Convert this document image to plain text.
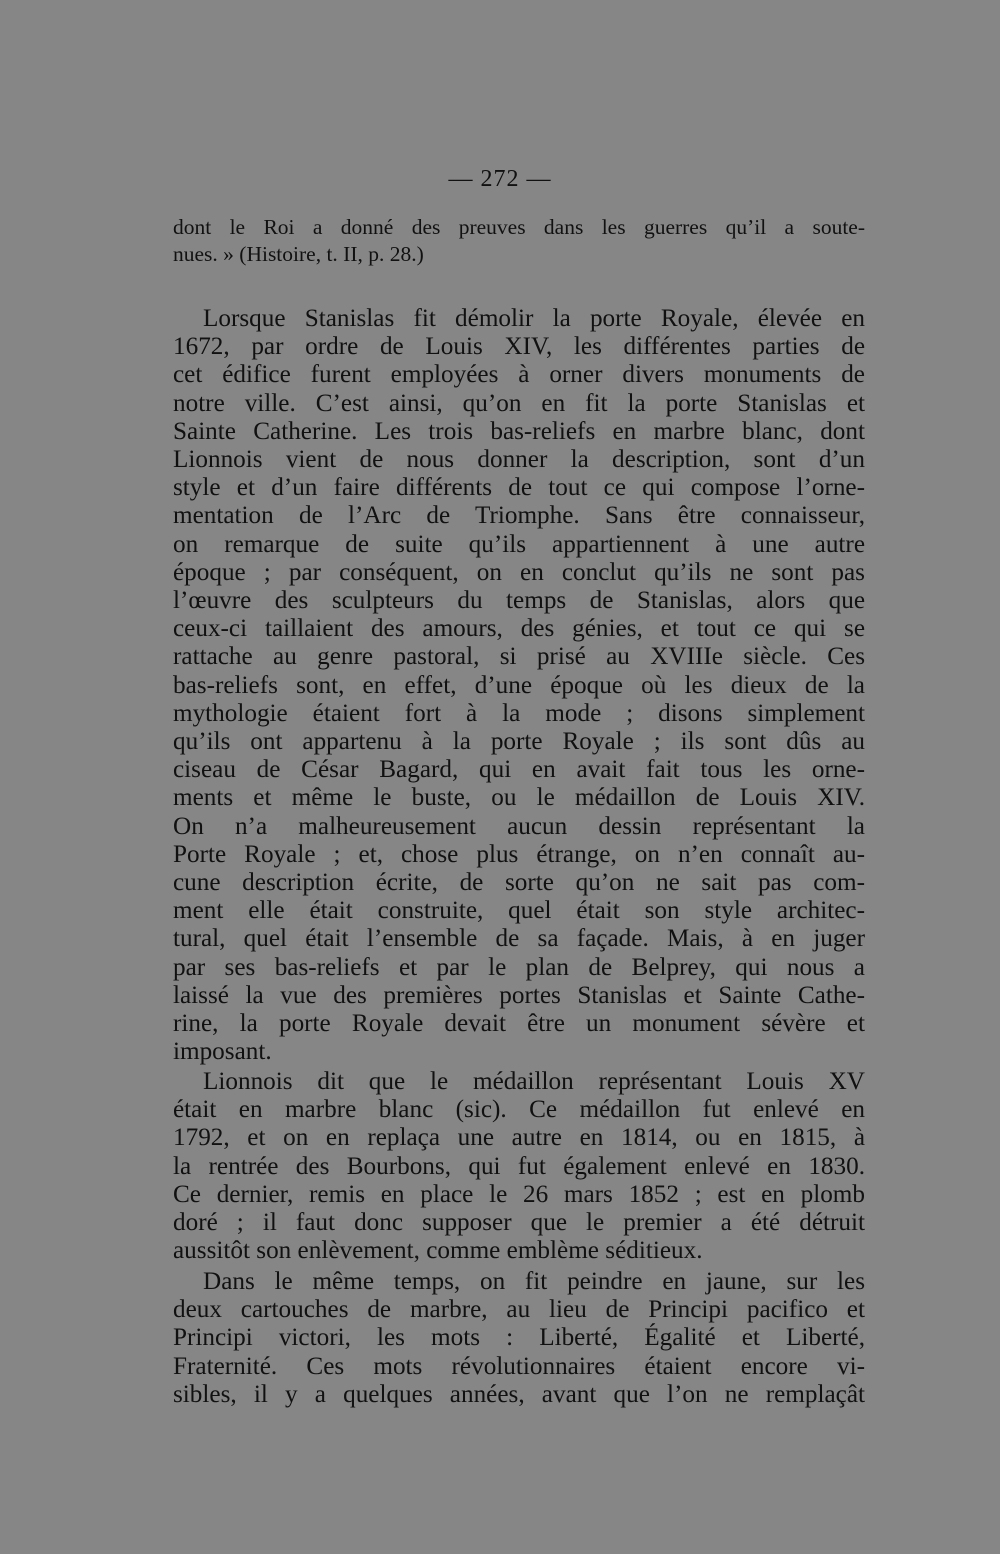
— 272 —
dont le Roi a donné des preuves dans les guerres qu’il a soute-
nues. » (Histoire, t. II, p. 28.)
Lorsque Stanislas fit démolir la porte Royale, élevée en
1672, par ordre de Louis XIV, les différentes parties de
cet édifice furent employées à orner divers monuments de
notre ville. C’est ainsi, qu’on en fit la porte Stanislas et
Sainte Catherine. Les trois bas-reliefs en marbre blanc, dont
Lionnois vient de nous donner la description, sont d’un
style et d’un faire différents de tout ce qui compose l’orne-
mentation de l’Arc de Triomphe. Sans être connaisseur,
on remarque de suite qu’ils appartiennent à une autre
époque ; par conséquent, on en conclut qu’ils ne sont pas
l’œuvre des sculpteurs du temps de Stanislas, alors que
ceux-ci taillaient des amours, des génies, et tout ce qui se
rattache au genre pastoral, si prisé au XVIIIe siècle. Ces
bas-reliefs sont, en effet, d’une époque où les dieux de la
mythologie étaient fort à la mode ; disons simplement
qu’ils ont appartenu à la porte Royale ; ils sont dûs au
ciseau de César Bagard, qui en avait fait tous les orne-
ments et même le buste, ou le médaillon de Louis XIV.
On n’a malheureusement aucun dessin représentant la
Porte Royale ; et, chose plus étrange, on n’en connaît au-
cune description écrite, de sorte qu’on ne sait pas com-
ment elle était construite, quel était son style architec-
tural, quel était l’ensemble de sa façade. Mais, à en juger
par ses bas-reliefs et par le plan de Belprey, qui nous a
laissé la vue des premières portes Stanislas et Sainte Cathe-
rine, la porte Royale devait être un monument sévère et
imposant.
Lionnois dit que le médaillon représentant Louis XV
était en marbre blanc (sic). Ce médaillon fut enlevé en
1792, et on en replaça une autre en 1814, ou en 1815, à
la rentrée des Bourbons, qui fut également enlevé en 1830.
Ce dernier, remis en place le 26 mars 1852 ; est en plomb
doré ; il faut donc supposer que le premier a été détruit
aussitôt son enlèvement, comme emblème séditieux.
Dans le même temps, on fit peindre en jaune, sur les
deux cartouches de marbre, au lieu de Principi pacifico et
Principi victori, les mots : Liberté, Égalité et Liberté,
Fraternité. Ces mots révolutionnaires étaient encore vi-
sibles, il y a quelques années, avant que l’on ne remplaçât
